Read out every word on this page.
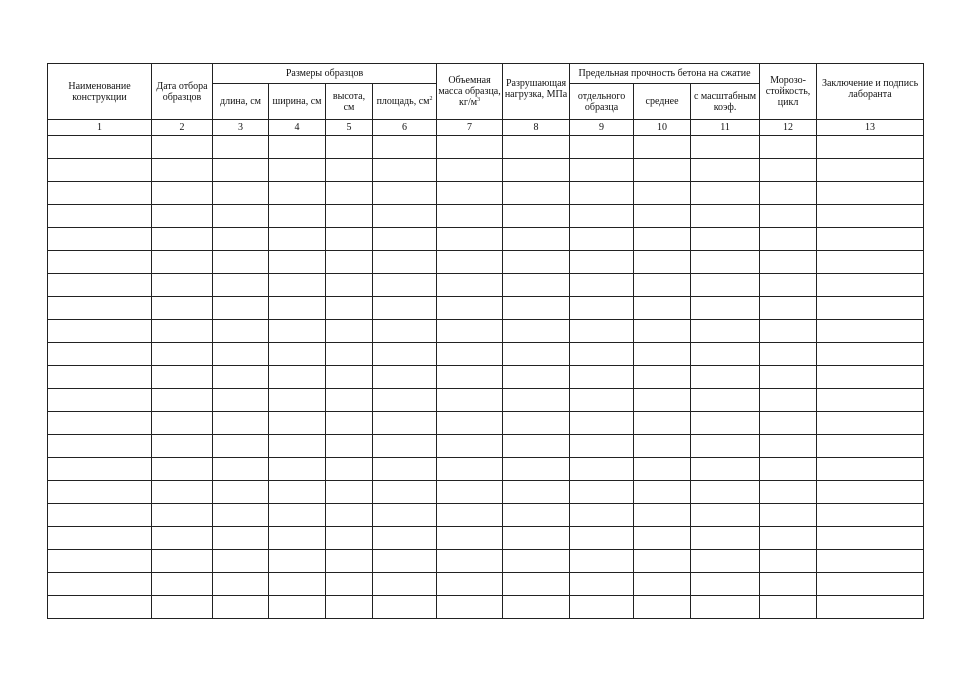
Наименование конструкции	Дата отбора образцов	Размеры образцов				Объемная масса образца, $кг/м^3$	Разрушающая нагрузка, МПа	Предельная прочность бетона на сжатие			Морозо-стойкость, цикл	Заключение и подпись лаборанта
		длина, см	ширина, см	высота, см	площадь, $см^2$			отдельного образца	среднее	с масштабным коэф.		
1	2	3	4	5	6	7	8	9	10	11	12	13
